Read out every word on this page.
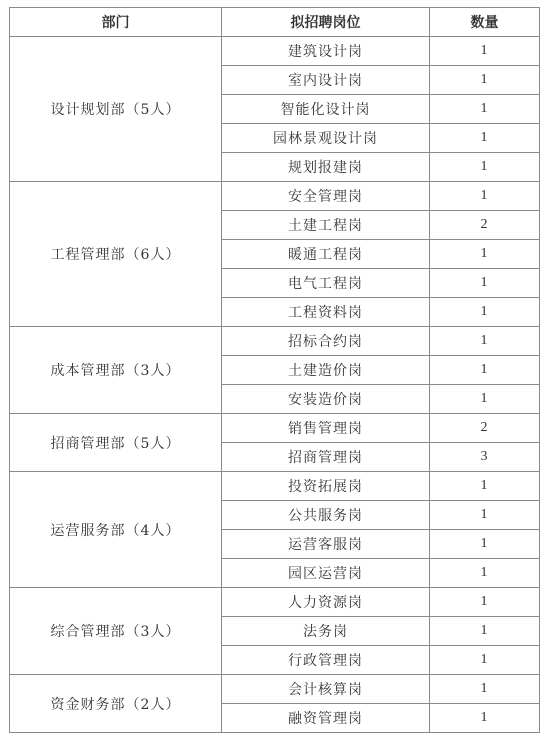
部门	拟招聘岗位	数量
设计规划部（5人）	建筑设计岗	1
	室内设计岗	1
	智能化设计岗	1
	园林景观设计岗	1
	规划报建岗	1
工程管理部（6人）	安全管理岗	1
	土建工程岗	2
	暖通工程岗	1
	电气工程岗	1
	工程资料岗	1
成本管理部（3人）	招标合约岗	1
	土建造价岗	1
	安装造价岗	1
招商管理部（5人）	销售管理岗	2
	招商管理岗	3
运营服务部（4人）	投资拓展岗	1
	公共服务岗	1
	运营客服岗	1
	园区运营岗	1
综合管理部（3人）	人力资源岗	1
	法务岗	1
	行政管理岗	1
资金财务部（2人）	会计核算岗	1
	融资管理岗	1
